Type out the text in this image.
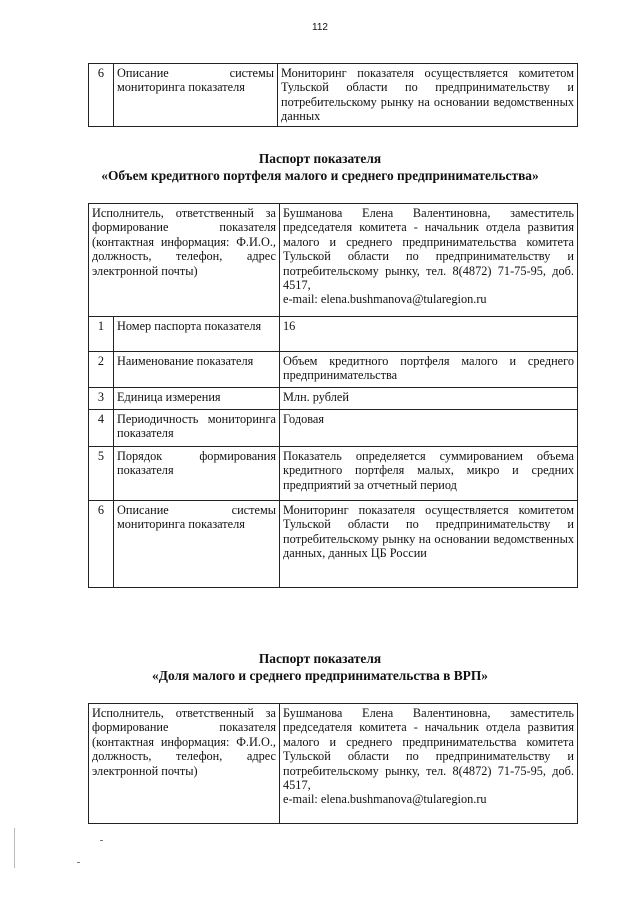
112
6	Описание системы мониторинга показателя	Мониторинг показателя осуществляется комитетом Тульской области по предпринимательству и потребительскому рынку на основании ведомственных данных
Паспорт показателя
«Объем кредитного портфеля малого и среднего предпринимательства»
Исполнитель, ответственный за формирование показателя (контактная информация: Ф.И.О., должность, телефон, адрес электронной почты)		Бушманова Елена Валентиновна, заместитель председателя комитета - начальник отдела развития малого и среднего предпринимательства комитета Тульской области по предпринимательству и потребительскому рынку, тел. 8(4872) 71-75-95, доб. 4517,
e-mail: elena.bushmanova@tularegion.ru

1	Номер паспорта показателя	16
2	Наименование показателя	Объем кредитного портфеля малого и среднего предпринимательства
3	Единица измерения	Млн. рублей
4	Периодичность мониторинга показателя	Годовая
5	Порядок формирования показателя	Показатель определяется суммированием объема кредитного портфеля малых, микро и средних предприятий за отчетный период
6	Описание системы мониторинга показателя	Мониторинг показателя осуществляется комитетом Тульской области по предпринимательству и потребительскому рынку на основании ведомственных данных, данных ЦБ России
Паспорт показателя
«Доля малого и среднего предпринимательства в ВРП»
Исполнитель, ответственный за формирование показателя (контактная информация: Ф.И.О., должность, телефон, адрес электронной почты)	Бушманова Елена Валентиновна, заместитель председателя комитета - начальник отдела развития малого и среднего предпринимательства комитета Тульской области по предпринимательству и потребительскому рынку, тел. 8(4872) 71-75-95, доб. 4517,
e-mail: elena.bushmanova@tularegion.ru
